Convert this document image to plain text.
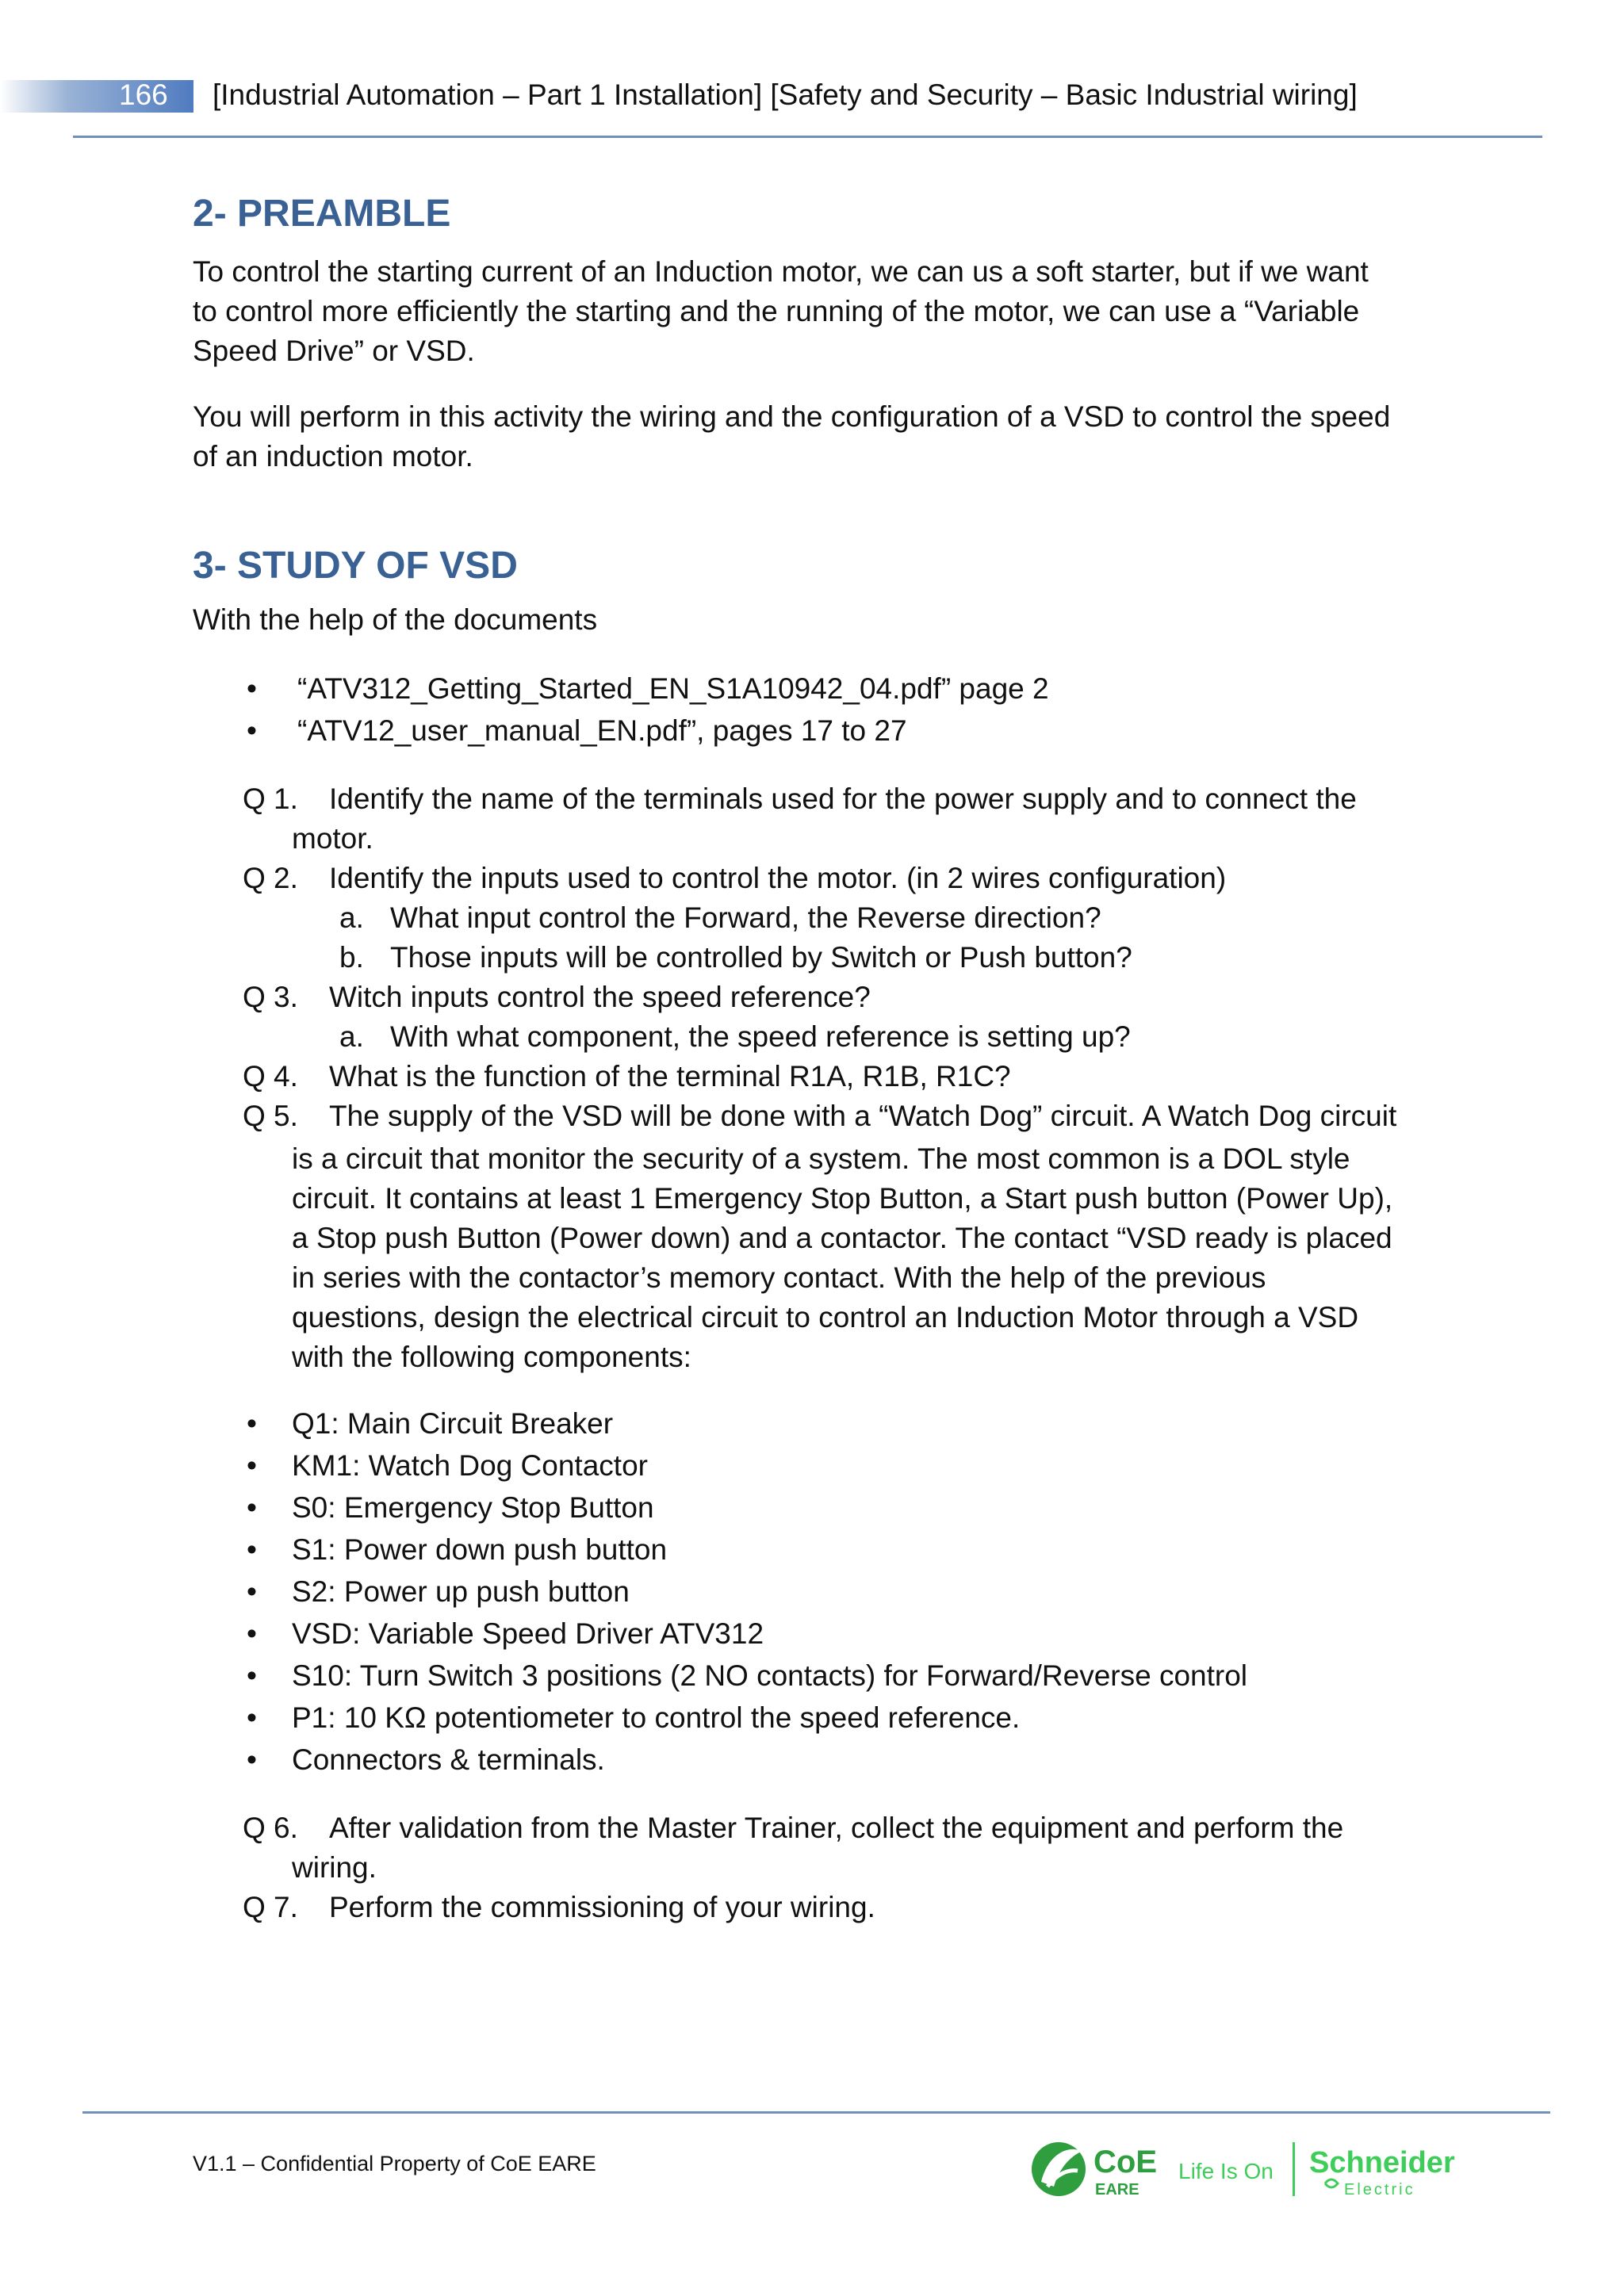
166 [Industrial Automation – Part 1 Installation] [Safety and Security – Basic Industrial wiring]
2- PREAMBLE
To control the starting current of an Induction motor, we can us a soft starter, but if we want
to control more efficiently the starting and the running of the motor, we can use a “Variable
Speed Drive” or VSD.
You will perform in this activity the wiring and the configuration of a VSD to control the speed
of an induction motor.
3- STUDY OF VSD
With the help of the documents
• “ATV312_Getting_Started_EN_S1A10942_04.pdf” page 2
• “ATV12_user_manual_EN.pdf”, pages 17 to 27
Q 1. Identify the name of the terminals used for the power supply and to connect the
motor.
Q 2. Identify the inputs used to control the motor. (in 2 wires configuration)
a. What input control the Forward, the Reverse direction?
b. Those inputs will be controlled by Switch or Push button?
Q 3. Witch inputs control the speed reference?
a. With what component, the speed reference is setting up?
Q 4. What is the function of the terminal R1A, R1B, R1C?
Q 5. The supply of the VSD will be done with a “Watch Dog” circuit. A Watch Dog circuit
is a circuit that monitor the security of a system. The most common is a DOL style
circuit. It contains at least 1 Emergency Stop Button, a Start push button (Power Up),
a Stop push Button (Power down) and a contactor. The contact “VSD ready is placed
in series with the contactor’s memory contact. With the help of the previous
questions, design the electrical circuit to control an Induction Motor through a VSD
with the following components:
• Q1: Main Circuit Breaker
• KM1: Watch Dog Contactor
• S0: Emergency Stop Button
• S1: Power down push button
• S2: Power up push button
• VSD: Variable Speed Driver ATV312
• S10: Turn Switch 3 positions (2 NO contacts) for Forward/Reverse control
• P1: 10 KΩ potentiometer to control the speed reference.
• Connectors & terminals.
Q 6. After validation from the Master Trainer, collect the equipment and perform the
wiring.
Q 7. Perform the commissioning of your wiring.
V1.1 – Confidential Property of CoE EARE	CoE
EARE
Life Is On Schneider
Electric
